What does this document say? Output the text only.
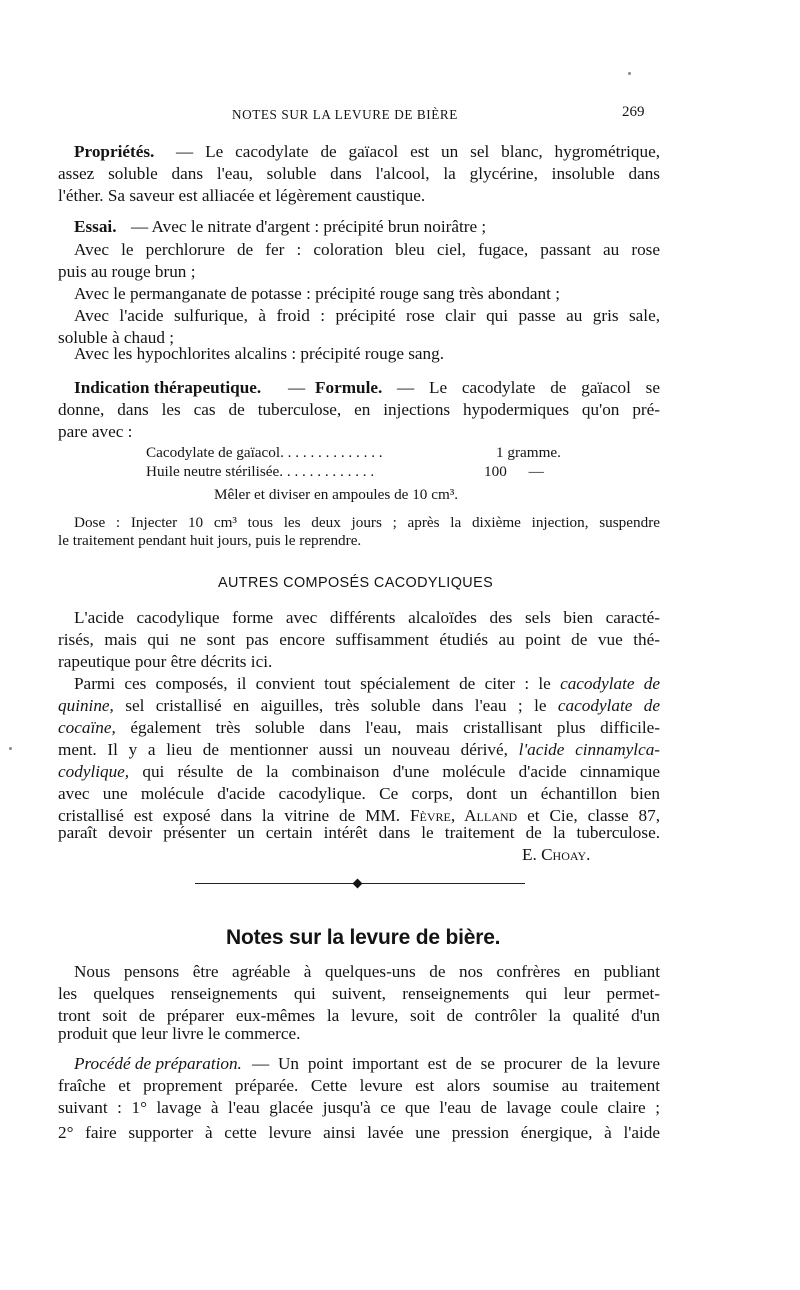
NOTES SUR LA LEVURE DE BIÈRE	269
Propriétés. — Le cacodylate de gaïacol est un sel blanc, hygrométrique,
assez soluble dans l'eau, soluble dans l'alcool, la glycérine, insoluble dans
l'éther. Sa saveur est alliacée et légèrement caustique.
Essai. — Avec le nitrate d'argent : précipité brun noirâtre ;
Avec le perchlorure de fer : coloration bleu ciel, fugace, passant au rose
puis au rouge brun ;
Avec le permanganate de potasse : précipité rouge sang très abondant ;
Avec l'acide sulfurique, à froid : précipité rose clair qui passe au gris sale,
soluble à chaud ;
Avec les hypochlorites alcalins : précipité rouge sang.
Indication thérapeutique. — Formule. — Le cacodylate de gaïacol se
donne, dans les cas de tuberculose, en injections hypodermiques qu'on pré-
pare avec :
Cacodylate de gaïacol. . . . . . . . . . . . . .	1 gramme.
Huile neutre stérilisée. . . . . . . . . . . . .	100 —
Mêler et diviser en ampoules de 10 cm³.
Dose : Injecter 10 cm³ tous les deux jours ; après la dixième injection, suspendre
le traitement pendant huit jours, puis le reprendre.
AUTRES COMPOSÉS CACODYLIQUES
L'acide cacodylique forme avec différents alcaloïdes des sels bien caracté-
risés, mais qui ne sont pas encore suffisamment étudiés au point de vue thé-
rapeutique pour être décrits ici.
Parmi ces composés, il convient tout spécialement de citer : le cacodylate de
quinine, sel cristallisé en aiguilles, très soluble dans l'eau ; le cacodylate de
cocaïne, également très soluble dans l'eau, mais cristallisant plus difficile-
ment. Il y a lieu de mentionner aussi un nouveau dérivé, l'acide cinnamylca-
codylique, qui résulte de la combinaison d'une molécule d'acide cinnamique
avec une molécule d'acide cacodylique. Ce corps, dont un échantillon bien
cristallisé est exposé dans la vitrine de MM. Fèvre, Alland et Cie, classe 87,
paraît devoir présenter un certain intérêt dans le traitement de la tuberculose.
E. Choay.
Notes sur la levure de bière.
Nous pensons être agréable à quelques-uns de nos confrères en publiant
les quelques renseignements qui suivent, renseignements qui leur permet-
tront soit de préparer eux-mêmes la levure, soit de contrôler la qualité d'un
produit que leur livre le commerce.
Procédé de préparation. — Un point important est de se procurer de la levure
fraîche et proprement préparée. Cette levure est alors soumise au traitement
suivant : 1° lavage à l'eau glacée jusqu'à ce que l'eau de lavage coule claire ;
2° faire supporter à cette levure ainsi lavée une pression énergique, à l'aide
